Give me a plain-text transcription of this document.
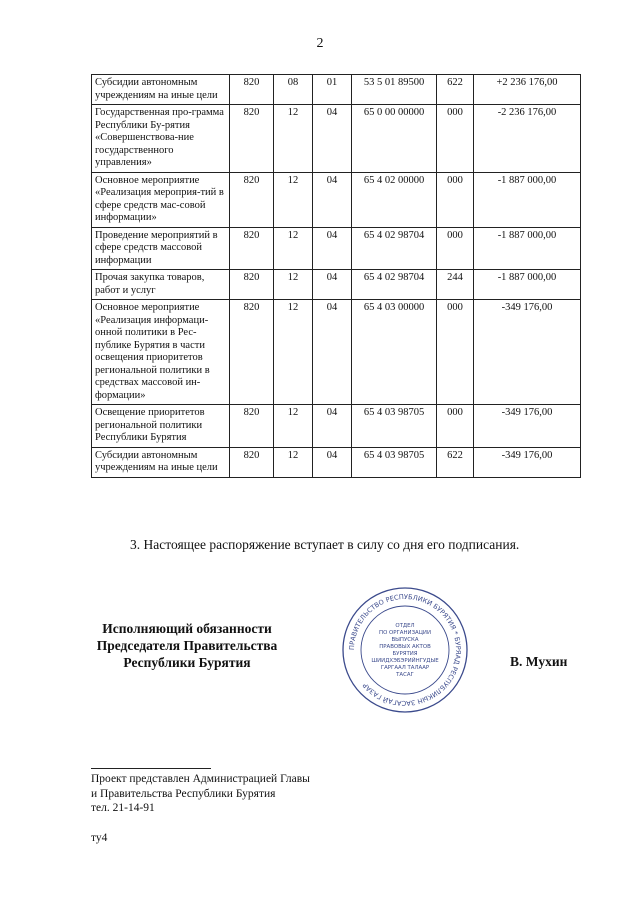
2
Субсидии автономным учреждениям на иные цели	820	08	01	53 5 01 89500	622	+2 236 176,00
Государственная про-грамма Республики Бу-рятия «Совершенствова-ние государственного управления»	820	12	04	65 0 00 00000	000	-2 236 176,00
Основное мероприятие «Реализация мероприя-тий в сфере средств мас-совой информации»	820	12	04	65 4 02 00000	000	-1 887 000,00
Проведение мероприятий в сфере средств массовой информации	820	12	04	65 4 02 98704	000	-1 887 000,00
Прочая закупка товаров, работ и услуг	820	12	04	65 4 02 98704	244	-1 887 000,00
Основное мероприятие «Реализация информаци-онной политики в Рес-публике Бурятия в части освещения приоритетов региональной политики в средствах массовой ин-формации»	820	12	04	65 4 03 00000	000	-349 176,00
Освещение приоритетов региональной политики Республики Бурятия	820	12	04	65 4 03 98705	000	-349 176,00
Субсидии автономным учреждениям на иные цели	820	12	04	65 4 03 98705	622	-349 176,00
3. Настоящее распоряжение вступает в силу со дня его подписания.
Исполняющий обязанности
Председателя Правительства
Республики Бурятия
ПРАВИТЕЛЬСТВО РЕСПУБЛИКИ БУРЯТИЯ * БУРЯАД РЕСПУБЛИКЫН ЗАСАГАЙ ГАЗАР
ОТДЕЛ
ПО ОРГАНИЗАЦИИ
ВЫПУСКА
ПРАВОВЫХ АКТОВ
БУРЯТИЯ
ШИИДХЭБЭРИЙНГУДЫЕ
ГАРГААЛ ТАЛААР
ТАСАГ
В. Мухин
Проект представлен Администрацией Главы
и Правительства Республики Бурятия
тел. 21-14-91
ту4
